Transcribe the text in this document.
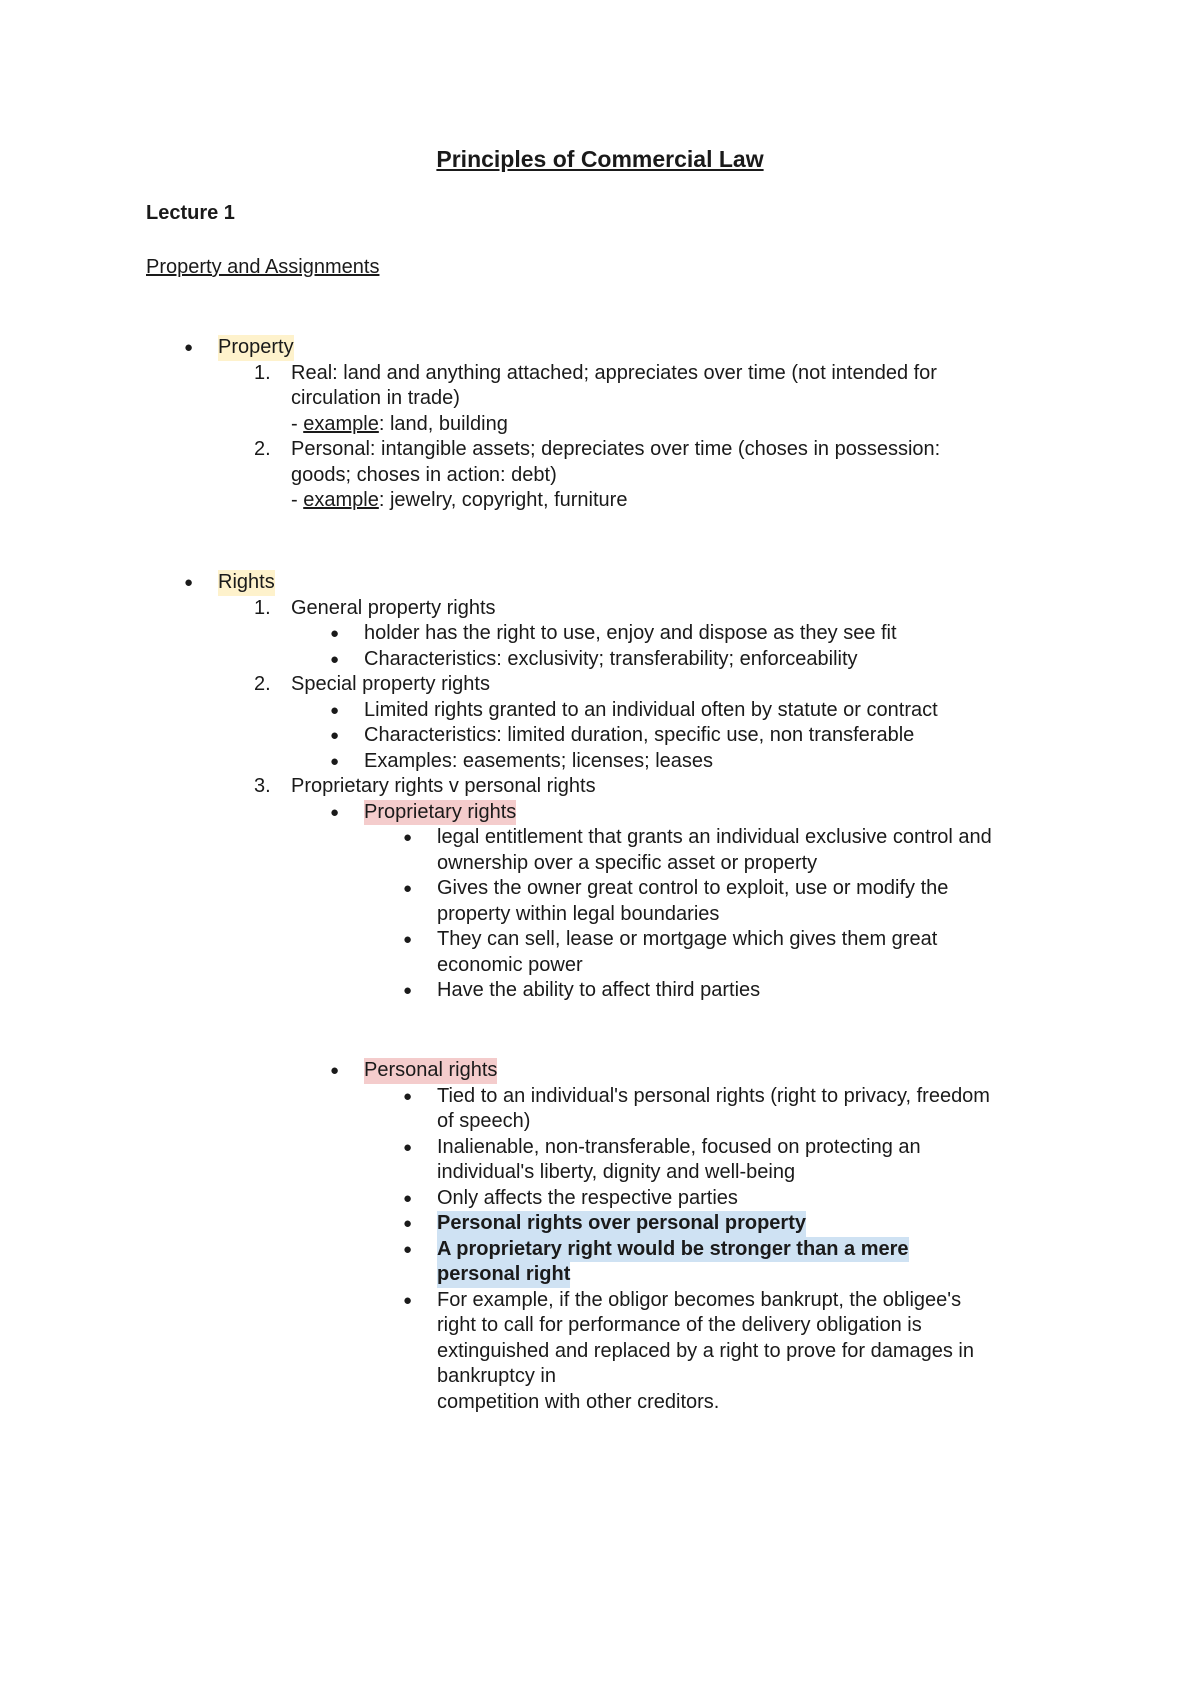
Principles of Commercial Law
Lecture 1
Property and Assignments
● Property
1. Real: land and anything attached; appreciates over time (not intended for
circulation in trade)
- example: land, building
2. Personal: intangible assets; depreciates over time (choses in possession:
goods; choses in action: debt)
- example: jewelry, copyright, furniture
● Rights
1. General property rights
● holder has the right to use, enjoy and dispose as they see fit
● Characteristics: exclusivity; transferability; enforceability
2. Special property rights
● Limited rights granted to an individual often by statute or contract
● Characteristics: limited duration, specific use, non transferable
● Examples: easements; licenses; leases
3. Proprietary rights v personal rights
● Proprietary rights
● legal entitlement that grants an individual exclusive control and
ownership over a specific asset or property
● Gives the owner great control to exploit, use or modify the
property within legal boundaries
● They can sell, lease or mortgage which gives them great
economic power
● Have the ability to affect third parties
● Personal rights
● Tied to an individual's personal rights (right to privacy, freedom
of speech)
● Inalienable, non-transferable, focused on protecting an
individual's liberty, dignity and well-being
● Only affects the respective parties
● Personal rights over personal property
● A proprietary right would be stronger than a mere
personal right
● For example, if the obligor becomes bankrupt, the obligee's
right to call for performance of the delivery obligation is
extinguished and replaced by a right to prove for damages in
bankruptcy in
competition with other creditors.
